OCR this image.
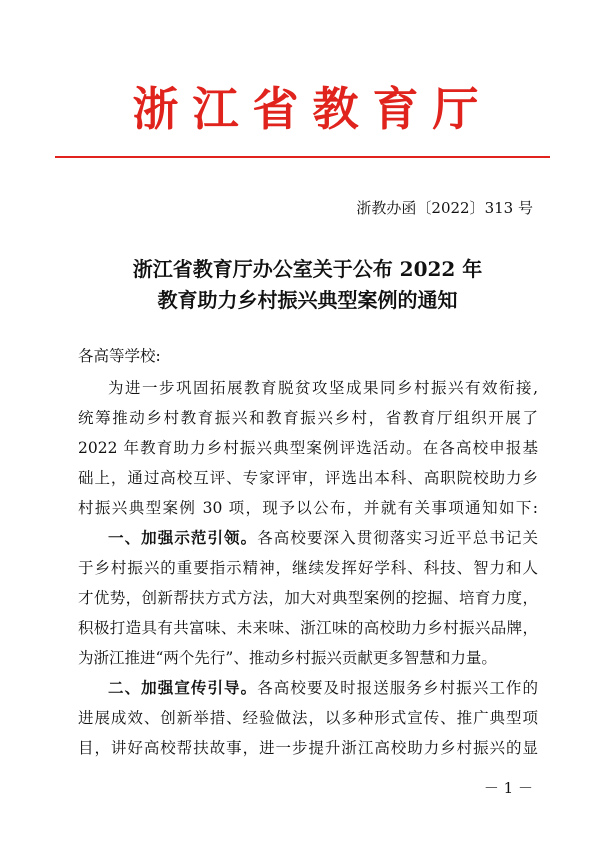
浙江省教育厅
浙教办函〔2022〕313 号
浙江省教育厅办公室关于公布 2022 年
教育助力乡村振兴典型案例的通知
各高等学校:
为进一步巩固拓展教育脱贫攻坚成果同乡村振兴有效衔接,
统筹推动乡村教育振兴和教育振兴乡村，省教育厅组织开展了
2022 年教育助力乡村振兴典型案例评选活动。在各高校申报基
础上，通过高校互评、专家评审，评选出本科、高职院校助力乡
村振兴典型案例 30 项，现予以公布，并就有关事项通知如下:
一、加强示范引领。各高校要深入贯彻落实习近平总书记关
于乡村振兴的重要指示精神，继续发挥好学科、科技、智力和人
才优势，创新帮扶方式方法，加大对典型案例的挖掘、培育力度，
积极打造具有共富味、未来味、浙江味的高校助力乡村振兴品牌，
为浙江推进“两个先行”、推动乡村振兴贡献更多智慧和力量。
二、加强宣传引导。各高校要及时报送服务乡村振兴工作的
进展成效、创新举措、经验做法，以多种形式宣传、推广典型项
目，讲好高校帮扶故事，进一步提升浙江高校助力乡村振兴的显
－ 1 －
